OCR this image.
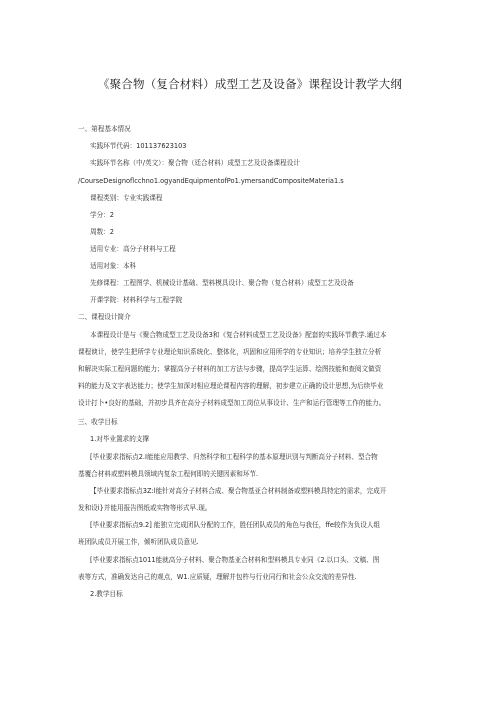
《聚合物（复合材料）成型工艺及设备》课程设计教学大纲
一、第程基本情况
实践环节代码：101137623103
实践环节名称（中/英文）：聚合物（廷合材料）成型工艺及设备课程设计
/CourseDesignoflcchno1.ogyandEquipmentofPo1.ymersandCompositeMateria1.s
课程类别：专业实践课程
学分：2
周数：2
适用专业：高分子材料与工程
适用对象：本科
先修课程：工程图学、机械设计基础、型料模具设计、聚合物（复合材料）成型工艺及设备
开课学院：材料科学与工程学院
二、课程设计简介
本课程设计是与《聚合物成型工艺及设备3和《复合材料成型工艺及设备》配套的实践环节教学.通过本
课程谀计，使学生把所学专业理论知识系统化、整体化，巩固和应用所学的专业知识；培养学生独立分析
和解决实际工程问题的能力；掌握高分子材料的加工方法与步骤，提高学生运算、绘图技能和查阅文做资
料的能力及文字表达能力；使学生加深对相应理论课程内容的理解，初步建立正确的设计思想,为后续毕业
设计打卜•良好的基础，并初步具齐在高分子材料成型加工岗位从事设计、生产和运行管理等工作的能力。
三、收学目标
1.对毕业置求的支撑
[毕业要求指标点2.I能能应用教学、归然科学和工程科学的基本原理识别与判断高分子材料、型合物
基覆合材料或塑料模具领域内复杂工程何即的关键因素和环节.
【毕业要求指标点3Z:l能针对高分子材料合成、聚合物基亚合材料制备或塑料模具特定的需求，完成开
发和设i}并能用报告图纸或实物等形式早.现。
[毕业要求指标点9.2] 能独立完成团队分配的工作，胜任团队成员的角色与我任，ffe较作为负设人组
班团队成员开展工作，倾听团队成员意见.
[毕业要求指标点1011能就高分子材料、聚合物基亚合材料和型料模具专业同《2.以口头、文稿、图
表等方式，准确发达自己的观点，W1.应质疑，理解并包杵与行业同行和社会公众交流的差异性.
2.教学目标
